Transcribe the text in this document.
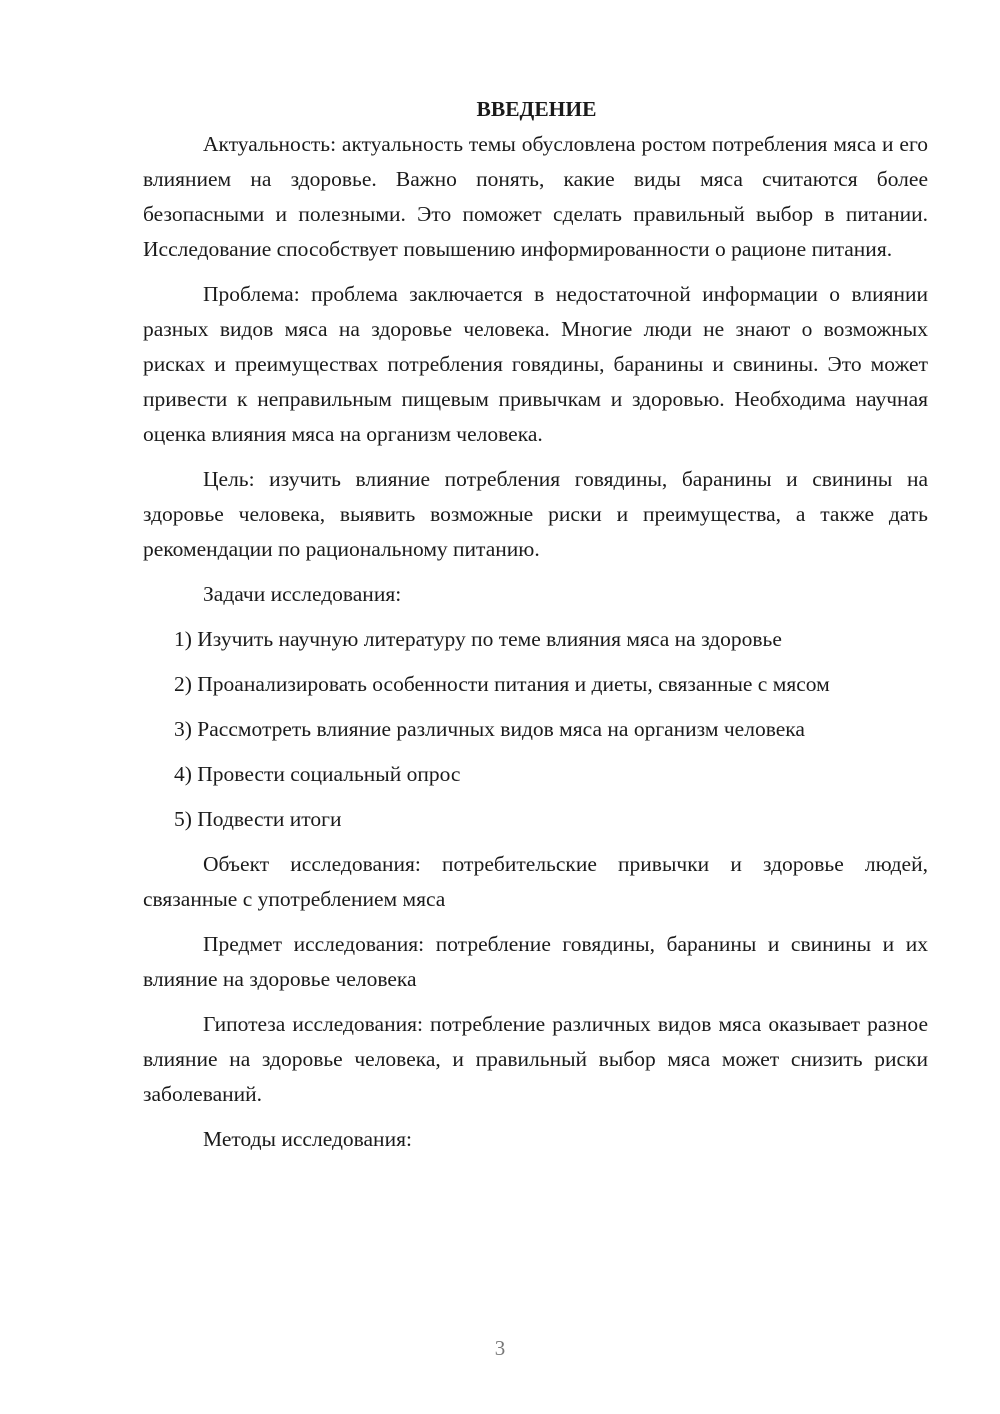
ВВЕДЕНИЕ

Актуальность: актуальность темы обусловлена ростом потребления мяса и его влиянием на здоровье. Важно понять, какие виды мяса считаются более безопасными и полезными. Это поможет сделать правильный выбор в питании. Исследование способствует повышению информированности о рационе питания.

Проблема: проблема заключается в недостаточной информации о влиянии разных видов мяса на здоровье человека. Многие люди не знают о возможных рисках и преимуществах потребления говядины, баранины и свинины. Это может привести к неправильным пищевым привычкам и здоровью. Необходима научная оценка влияния мяса на организм человека.

Цель: изучить влияние потребления говядины, баранины и свинины на здоровье человека, выявить возможные риски и преимущества, а также дать рекомендации по рациональному питанию.

Задачи исследования:

1) Изучить научную литературу по теме влияния мяса на здоровье

2) Проанализировать особенности питания и диеты, связанные с мясом

3) Рассмотреть влияние различных видов мяса на организм человека

4) Провести социальный опрос

5) Подвести итоги

Объект исследования: потребительские привычки и здоровье людей, связанные с употреблением мяса

Предмет исследования: потребление говядины, баранины и свинины и их влияние на здоровье человека

Гипотеза исследования: потребление различных видов мяса оказывает разное влияние на здоровье человека, и правильный выбор мяса может снизить риски заболеваний.

Методы исследования:

3
